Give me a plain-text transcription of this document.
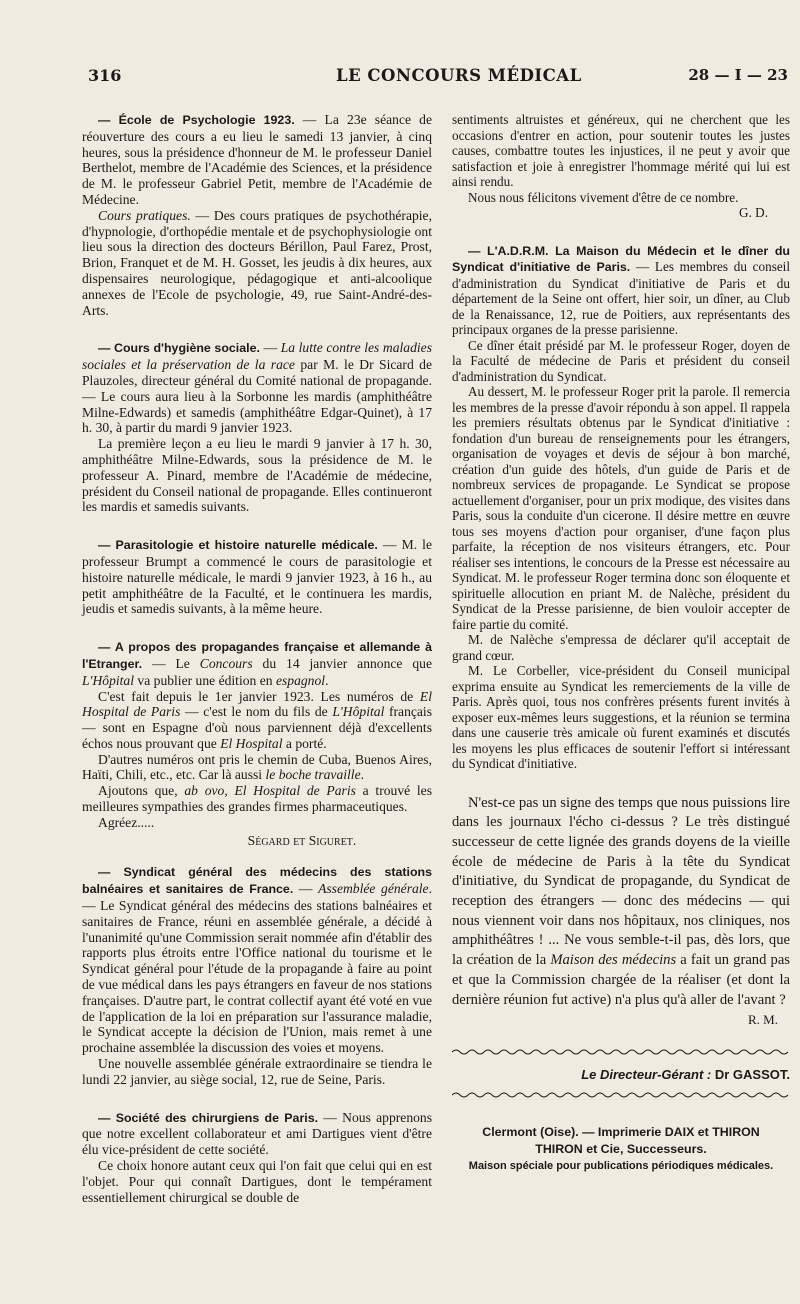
316	LE CONCOURS MÉDICAL	28 — I — 23

— École de Psychologie 1923. — La 23e séance de réouverture des cours a eu lieu le samedi 13 janvier, à cinq heures, sous la présidence d'honneur de M. le professeur Daniel Berthelot, membre de l'Académie des Sciences, et la présidence de M. le professeur Gabriel Petit, membre de l'Académie de Médecine.

Cours pratiques. — Des cours pratiques de psychothérapie, d'hypnologie, d'orthopédie mentale et de psychophysiologie ont lieu sous la direction des docteurs Bérillon, Paul Farez, Prost, Brion, Franquet et de M. H. Gosset, les jeudis à dix heures, aux dispensaires neurologique, pédagogique et anti-alcoolique annexes de l'Ecole de psychologie, 49, rue Saint-André-des-Arts.

— Cours d'hygiène sociale. — La lutte contre les maladies sociales et la préservation de la race par M. le Dr Sicard de Plauzoles, directeur général du Comité national de propagande. — Le cours aura lieu à la Sorbonne les mardis (amphithéâtre Milne-Edwards) et samedis (amphithéâtre Edgar-Quinet), à 17 h. 30, à partir du mardi 9 janvier 1923.

La première leçon a eu lieu le mardi 9 janvier à 17 h. 30, amphithéâtre Milne-Edwards, sous la présidence de M. le professeur A. Pinard, membre de l'Académie de médecine, président du Conseil national de propagande. Elles continueront les mardis et samedis suivants.

— Parasitologie et histoire naturelle médicale. — M. le professeur Brumpt a commencé le cours de parasitologie et histoire naturelle médicale, le mardi 9 janvier 1923, à 16 h., au petit amphithéâtre de la Faculté, et le continuera les mardis, jeudis et samedis suivants, à la même heure.

— A propos des propagandes française et allemande à l'Etranger. — Le Concours du 14 janvier annonce que L'Hôpital va publier une édition en espagnol.

C'est fait depuis le 1er janvier 1923. Les numéros de El Hospital de Paris — c'est le nom du fils de L'Hôpital français — sont en Espagne d'où nous parviennent déjà d'excellents échos nous prouvant que El Hospital a porté.

D'autres numéros ont pris le chemin de Cuba, Buenos Aires, Haïti, Chili, etc., etc. Car là aussi le boche travaille.

Ajoutons que, ab ovo, El Hospital de Paris a trouvé les meilleures sympathies des grandes firmes pharmaceutiques.

Agréez.....

Ségard et Siguret.

— Syndicat général des médecins des stations balnéaires et sanitaires de France. — Assemblée générale. — Le Syndicat général des médecins des stations balnéaires et sanitaires de France, réuni en assemblée générale, a décidé à l'unanimité qu'une Commission serait nommée afin d'établir des rapports plus étroits entre l'Office national du tourisme et le Syndicat général pour l'étude de la propagande à faire au point de vue médical dans les pays étrangers en faveur de nos stations françaises. D'autre part, le contrat collectif ayant été voté en vue de l'application de la loi en préparation sur l'assurance maladie, le Syndicat accepte la décision de l'Union, mais remet à une prochaine assemblée la discussion des voies et moyens.

Une nouvelle assemblée générale extraordinaire se tiendra le lundi 22 janvier, au siège social, 12, rue de Seine, Paris.

— Société des chirurgiens de Paris. — Nous apprenons que notre excellent collaborateur et ami Dartigues vient d'être élu vice-président de cette société.

Ce choix honore autant ceux qui l'on fait que celui qui en est l'objet. Pour qui connaît Dartigues, dont le tempérament essentiellement chirurgical se double de

sentiments altruistes et généreux, qui ne cherchent que les occasions d'entrer en action, pour soutenir toutes les justes causes, combattre toutes les injustices, il ne peut y avoir que satisfaction et joie à enregistrer l'hommage mérité qui lui est ainsi rendu.

Nous nous félicitons vivement d'être de ce nombre.

G. D.

— L'A.D.R.M. La Maison du Médecin et le dîner du Syndicat d'initiative de Paris. — Les membres du conseil d'administration du Syndicat d'initiative de Paris et du département de la Seine ont offert, hier soir, un dîner, au Club de la Renaissance, 12, rue de Poitiers, aux représentants des principaux organes de la presse parisienne.

Ce dîner était présidé par M. le professeur Roger, doyen de la Faculté de médecine de Paris et président du conseil d'administration du Syndicat.

Au dessert, M. le professeur Roger prit la parole. Il remercia les membres de la presse d'avoir répondu à son appel. Il rappela les premiers résultats obtenus par le Syndicat d'initiative : fondation d'un bureau de renseignements pour les étrangers, organisation de voyages et devis de séjour à bon marché, création d'un guide des hôtels, d'un guide de Paris et de nombreux services de propagande. Le Syndicat se propose actuellement d'organiser, pour un prix modique, des visites dans Paris, sous la conduite d'un cicerone. Il désire mettre en œuvre tous ses moyens d'action pour organiser, d'une façon plus parfaite, la réception de nos visiteurs étrangers, etc. Pour réaliser ses intentions, le concours de la Presse est nécessaire au Syndicat. M. le professeur Roger termina donc son éloquente et spirituelle allocution en priant M. de Nalèche, président du Syndicat de la Presse parisienne, de bien vouloir accepter de faire partie du comité.

M. de Nalèche s'empressa de déclarer qu'il acceptait de grand cœur.

M. Le Corbeller, vice-président du Conseil municipal exprima ensuite au Syndicat les remerciements de la ville de Paris. Après quoi, tous nos confrères présents furent invités à exposer eux-mêmes leurs suggestions, et la réunion se termina dans une causerie très amicale où furent examinés et discutés les moyens les plus efficaces de soutenir l'effort si intéressant du Syndicat d'initiative.

N'est-ce pas un signe des temps que nous puissions lire dans les journaux l'écho ci-dessus ? Le très distingué successeur de cette lignée des grands doyens de la vieille école de médecine de Paris à la tête du Syndicat d'initiative, du Syndicat de propagande, du Syndicat de reception des étrangers — donc des médecins — qui nous viennent voir dans nos hôpitaux, nos cliniques, nos amphithéâtres ! ... Ne vous semble-t-il pas, dès lors, que la création de la Maison des médecins a fait un grand pas et que la Commission chargée de la réaliser (et dont la dernière réunion fut active) n'a plus qu'à aller de l'avant ?

R. M.
Le Directeur-Gérant : Dr GASSOT.
Clermont (Oise). — Imprimerie DAIX et THIRON
THIRON et Cie, Successeurs.
Maison spéciale pour publications périodiques médicales.
